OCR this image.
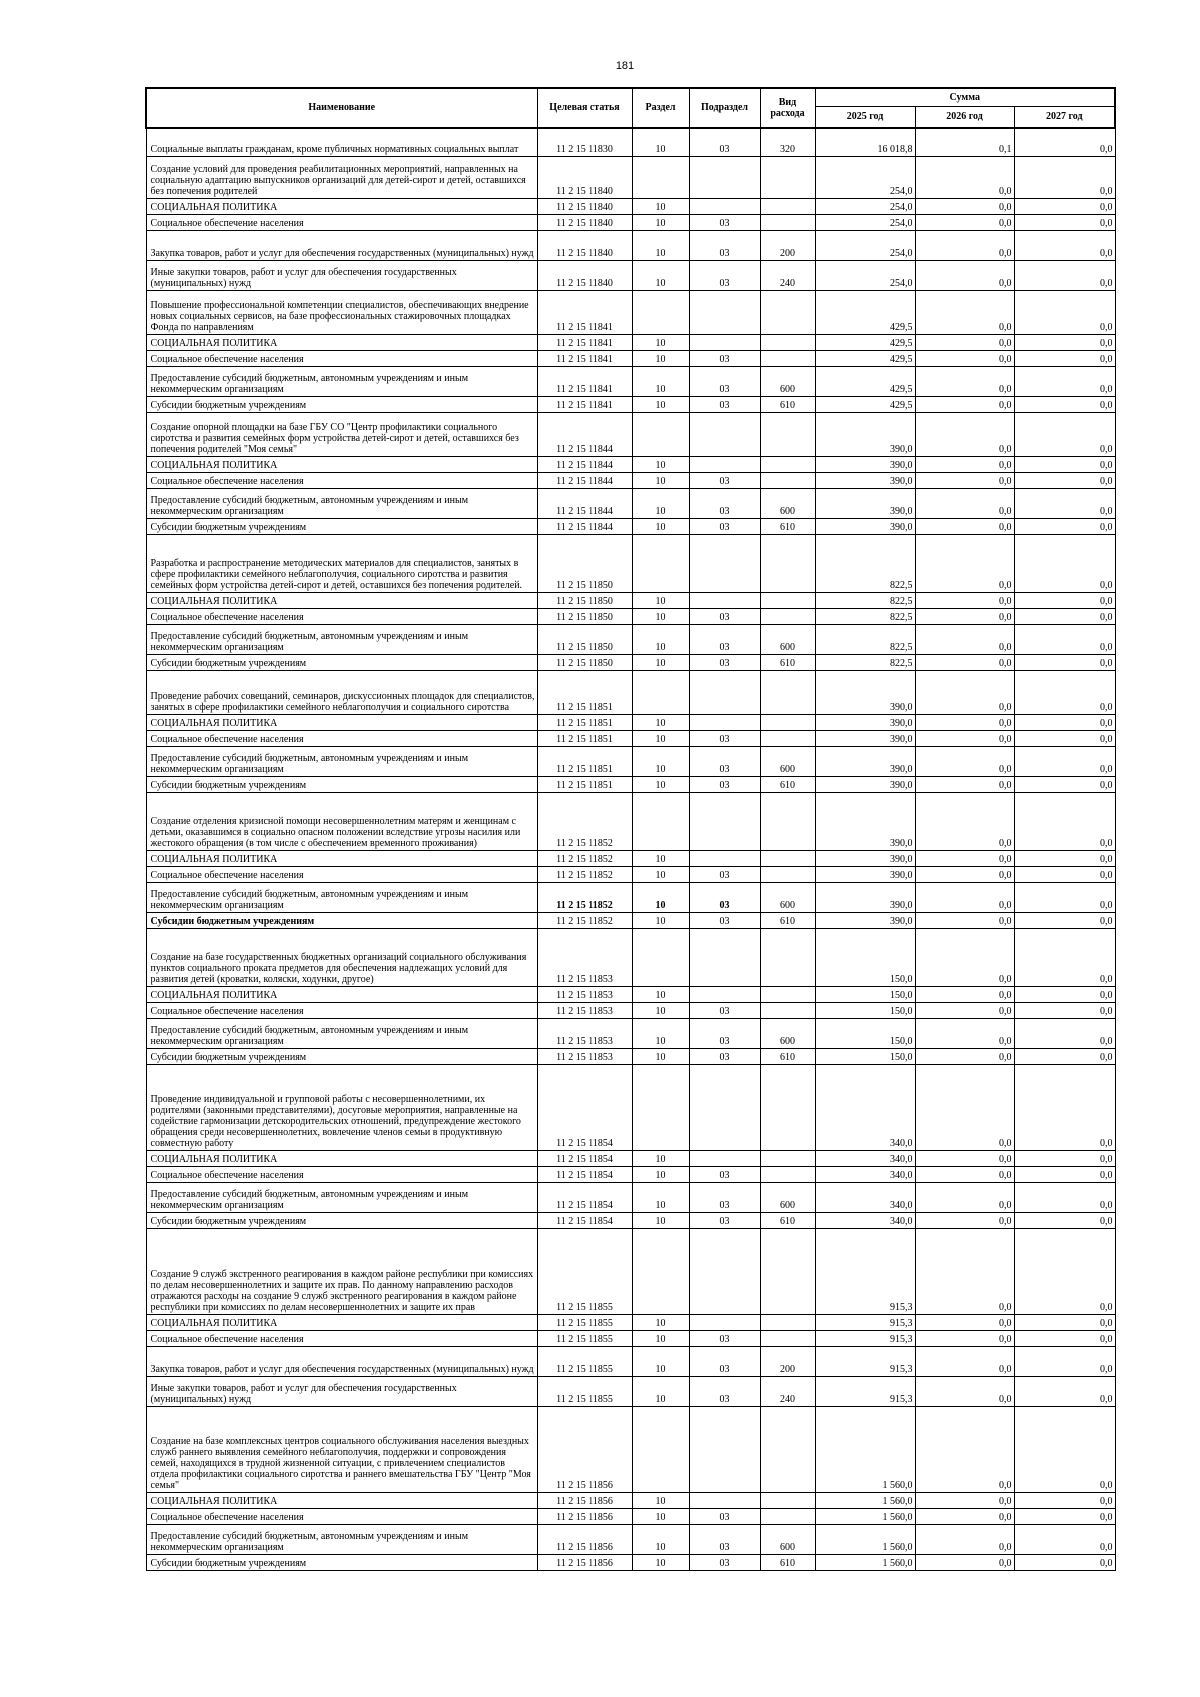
181
Наименование	Целевая статья	Раздел	Подраздел	Вид расхода	Сумма		
					2025 год	2026 год	2027 год
Социальные выплаты гражданам, кроме публичных нормативных социальных выплат	11 2 15 11830	10	03	320	16 018,8	0,1	0,0
Создание условий для проведения реабилитационных мероприятий, направленных на социальную адаптацию выпускников организаций для детей-сирот и детей, оставшихся без попечения родителей	11 2 15 11840				254,0	0,0	0,0
СОЦИАЛЬНАЯ ПОЛИТИКА	11 2 15 11840	10			254,0	0,0	0,0
Социальное обеспечение населения	11 2 15 11840	10	03		254,0	0,0	0,0
Закупка товаров, работ и услуг для обеспечения государственных (муниципальных) нужд	11 2 15 11840	10	03	200	254,0	0,0	0,0
Иные закупки товаров, работ и услуг для обеспечения государственных (муниципальных) нужд	11 2 15 11840	10	03	240	254,0	0,0	0,0
Повышение профессиональной компетенции специалистов, обеспечивающих внедрение новых социальных сервисов, на базе профессиональных стажировочных площадках Фонда по направлениям	11 2 15 11841				429,5	0,0	0,0
СОЦИАЛЬНАЯ ПОЛИТИКА	11 2 15 11841	10			429,5	0,0	0,0
Социальное обеспечение населения	11 2 15 11841	10	03		429,5	0,0	0,0
Предоставление субсидий бюджетным, автономным учреждениям и иным некоммерческим организациям	11 2 15 11841	10	03	600	429,5	0,0	0,0
Субсидии бюджетным учреждениям	11 2 15 11841	10	03	610	429,5	0,0	0,0
Создание опорной площадки на базе ГБУ СО "Центр профилактики социального сиротства и развития семейных форм устройства детей-сирот и детей, оставшихся без попечения родителей "Моя семья"	11 2 15 11844				390,0	0,0	0,0
СОЦИАЛЬНАЯ ПОЛИТИКА	11 2 15 11844	10			390,0	0,0	0,0
Социальное обеспечение населения	11 2 15 11844	10	03		390,0	0,0	0,0
Предоставление субсидий бюджетным, автономным учреждениям и иным некоммерческим организациям	11 2 15 11844	10	03	600	390,0	0,0	0,0
Субсидии бюджетным учреждениям	11 2 15 11844	10	03	610	390,0	0,0	0,0
Разработка и распространение методических материалов для специалистов, занятых в сфере профилактики семейного неблагополучия, социального сиротства и развития семейных форм устройства детей-сирот и детей, оставшихся без попечения родителей.	11 2 15 11850				822,5	0,0	0,0
СОЦИАЛЬНАЯ ПОЛИТИКА	11 2 15 11850	10			822,5	0,0	0,0
Социальное обеспечение населения	11 2 15 11850	10	03		822,5	0,0	0,0
Предоставление субсидий бюджетным, автономным учреждениям и иным некоммерческим организациям	11 2 15 11850	10	03	600	822,5	0,0	0,0
Субсидии бюджетным учреждениям	11 2 15 11850	10	03	610	822,5	0,0	0,0
Проведение рабочих совещаний, семинаров, дискуссионных площадок для специалистов, занятых в сфере профилактики семейного неблагополучия и социального сиротства	11 2 15 11851				390,0	0,0	0,0
СОЦИАЛЬНАЯ ПОЛИТИКА	11 2 15 11851	10			390,0	0,0	0,0
Социальное обеспечение населения	11 2 15 11851	10	03		390,0	0,0	0,0
Предоставление субсидий бюджетным, автономным учреждениям и иным некоммерческим организациям	11 2 15 11851	10	03	600	390,0	0,0	0,0
Субсидии бюджетным учреждениям	11 2 15 11851	10	03	610	390,0	0,0	0,0
Создание отделения кризисной помощи несовершеннолетним матерям и женщинам с детьми, оказавшимся в социально опасном положении вследствие угрозы насилия или жестокого обращения (в том числе с обеспечением временного проживания)	11 2 15 11852				390,0	0,0	0,0
СОЦИАЛЬНАЯ ПОЛИТИКА	11 2 15 11852	10			390,0	0,0	0,0
Социальное обеспечение населения	11 2 15 11852	10	03		390,0	0,0	0,0
Предоставление субсидий бюджетным, автономным учреждениям и иным некоммерческим организациям	11 2 15 11852	10	03	600	390,0	0,0	0,0
Субсидии бюджетным учреждениям	11 2 15 11852	10	03	610	390,0	0,0	0,0
Создание на базе государственных бюджетных организаций социального обслуживания пунктов социального проката предметов для обеспечения надлежащих условий для развития детей (кроватки, коляски, ходунки, другое)	11 2 15 11853				150,0	0,0	0,0
СОЦИАЛЬНАЯ ПОЛИТИКА	11 2 15 11853	10			150,0	0,0	0,0
Социальное обеспечение населения	11 2 15 11853	10	03		150,0	0,0	0,0
Предоставление субсидий бюджетным, автономным учреждениям и иным некоммерческим организациям	11 2 15 11853	10	03	600	150,0	0,0	0,0
Субсидии бюджетным учреждениям	11 2 15 11853	10	03	610	150,0	0,0	0,0
Проведение индивидуальной и групповой работы с несовершеннолетними, их родителями (законными представителями), досуговые мероприятия, направленные на содействие гармонизации детскородительских отношений, предупреждение жестокого обращения среди несовершеннолетних, вовлечение членов семьи в продуктивную совместную работу	11 2 15 11854				340,0	0,0	0,0
СОЦИАЛЬНАЯ ПОЛИТИКА	11 2 15 11854	10			340,0	0,0	0,0
Социальное обеспечение населения	11 2 15 11854	10	03		340,0	0,0	0,0
Предоставление субсидий бюджетным, автономным учреждениям и иным некоммерческим организациям	11 2 15 11854	10	03	600	340,0	0,0	0,0
Субсидии бюджетным учреждениям	11 2 15 11854	10	03	610	340,0	0,0	0,0
Создание 9 служб экстренного реагирования в каждом районе республики при комиссиях по делам несовершеннолетних и защите их прав. По данному направлению расходов отражаются расходы на создание 9 служб экстренного реагирования в каждом районе республики при комиссиях по делам несовершеннолетних и защите их прав	11 2 15 11855				915,3	0,0	0,0
СОЦИАЛЬНАЯ ПОЛИТИКА	11 2 15 11855	10			915,3	0,0	0,0
Социальное обеспечение населения	11 2 15 11855	10	03		915,3	0,0	0,0
Закупка товаров, работ и услуг для обеспечения государственных (муниципальных) нужд	11 2 15 11855	10	03	200	915,3	0,0	0,0
Иные закупки товаров, работ и услуг для обеспечения государственных (муниципальных) нужд	11 2 15 11855	10	03	240	915,3	0,0	0,0
Создание на базе комплексных центров социального обслуживания населения выездных служб раннего выявления семейного неблагополучия, поддержки и сопровождения семей, находящихся в трудной жизненной ситуации, с привлечением специалистов отдела профилактики социального сиротства и раннего вмешательства ГБУ "Центр "Моя семья"	11 2 15 11856				1 560,0	0,0	0,0
СОЦИАЛЬНАЯ ПОЛИТИКА	11 2 15 11856	10			1 560,0	0,0	0,0
Социальное обеспечение населения	11 2 15 11856	10	03		1 560,0	0,0	0,0
Предоставление субсидий бюджетным, автономным учреждениям и иным некоммерческим организациям	11 2 15 11856	10	03	600	1 560,0	0,0	0,0
Субсидии бюджетным учреждениям	11 2 15 11856	10	03	610	1 560,0	0,0	0,0
